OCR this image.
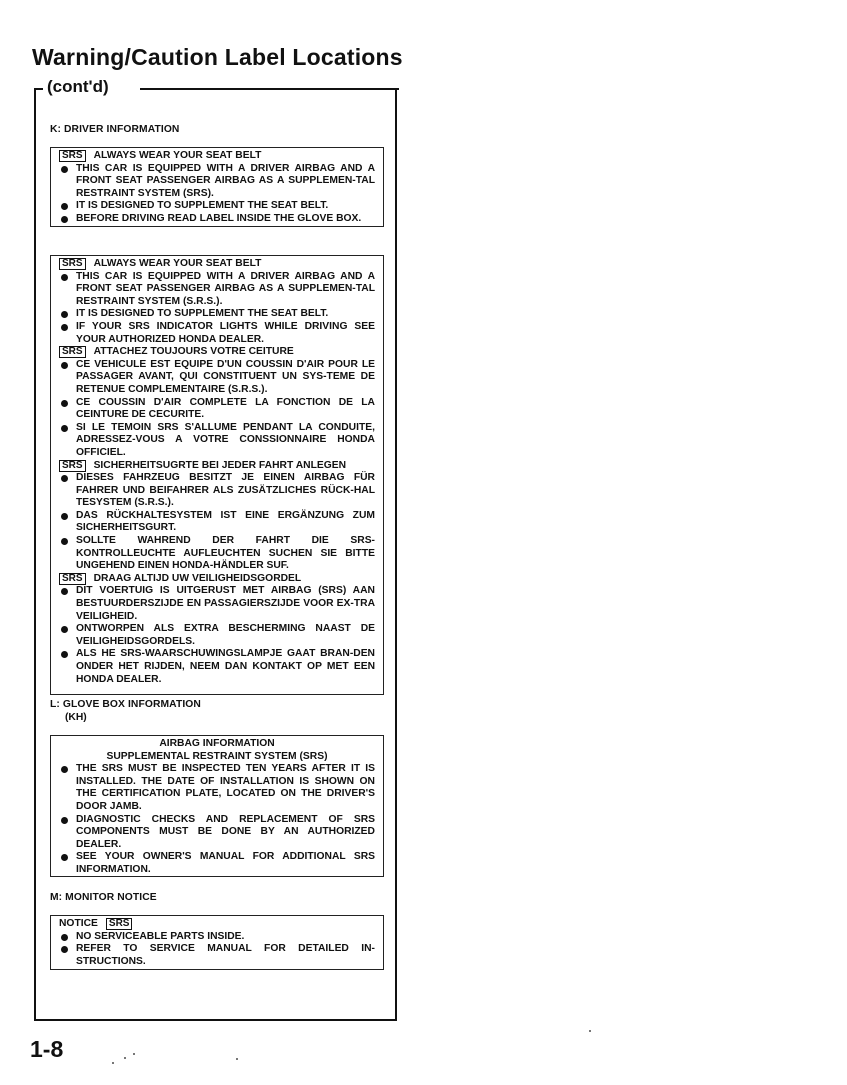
Warning/Caution Label Locations
(cont'd)
K: DRIVER INFORMATION
SRS ALWAYS WEAR YOUR SEAT BELT
THIS CAR IS EQUIPPED WITH A DRIVER AIRBAG AND A FRONT SEAT PASSENGER AIRBAG AS A SUPPLEMEN-TAL RESTRAINT SYSTEM (SRS).
IT IS DESIGNED TO SUPPLEMENT THE SEAT BELT.
BEFORE DRIVING READ LABEL INSIDE THE GLOVE BOX.
SRS ALWAYS WEAR YOUR SEAT BELT
THIS CAR IS EQUIPPED WITH A DRIVER AIRBAG AND A FRONT SEAT PASSENGER AIRBAG AS A SUPPLEMEN-TAL RESTRAINT SYSTEM (S.R.S.).
IT IS DESIGNED TO SUPPLEMENT THE SEAT BELT.
IF YOUR SRS INDICATOR LIGHTS WHILE DRIVING SEE YOUR AUTHORIZED HONDA DEALER.
SRS ATTACHEZ TOUJOURS VOTRE CEITURE
CE VEHICULE EST EQUIPE D'UN COUSSIN D'AIR POUR LE PASSAGER AVANT, QUI CONSTITUENT UN SYS-TEME DE RETENUE COMPLEMENTAIRE (S.R.S.).
CE COUSSIN D'AIR COMPLETE LA FONCTION DE LA CEINTURE DE CECURITE.
SI LE TEMOIN SRS S'ALLUME PENDANT LA CONDUITE, ADRESSEZ-VOUS A VOTRE CONSSIONNAIRE HONDA OFFICIEL.
SRS SICHERHEITSUGRTE BEI JEDER FAHRT ANLEGEN
DIESES FAHRZEUG BESITZT JE EINEN AIRBAG FÜR FAHRER UND BEIFAHRER ALS ZUSÄTZLICHES RÜCK-HAL TESYSTEM (S.R.S.).
DAS RÜCKHALTESYSTEM IST EINE ERGÄNZUNG ZUM SICHERHEITSGURT.
SOLLTE WAHREND DER FAHRT DIE SRS-KONTROLLEUCHTE AUFLEUCHTEN SUCHEN SIE BITTE UNGEHEND EINEN HONDA-HÄNDLER SUF.
SRS DRAAG ALTIJD UW VEILIGHEIDSGORDEL
DIT VOERTUIG IS UITGERUST MET AIRBAG (SRS) AAN BESTUURDERSZIJDE EN PASSAGIERSZIJDE VOOR EX-TRA VEILIGHEID.
ONTWORPEN ALS EXTRA BESCHERMING NAAST DE VEILIGHEIDSGORDELS.
ALS HE SRS-WAARSCHUWINGSLAMPJE GAAT BRAN-DEN ONDER HET RIJDEN, NEEM DAN KONTAKT OP MET EEN HONDA DEALER.
L: GLOVE BOX INFORMATION
(KH)
AIRBAG INFORMATION
SUPPLEMENTAL RESTRAINT SYSTEM (SRS)
THE SRS MUST BE INSPECTED TEN YEARS AFTER IT IS INSTALLED. THE DATE OF INSTALLATION IS SHOWN ON THE CERTIFICATION PLATE, LOCATED ON THE DRIVER'S DOOR JAMB.
DIAGNOSTIC CHECKS AND REPLACEMENT OF SRS COMPONENTS MUST BE DONE BY AN AUTHORIZED DEALER.
SEE YOUR OWNER'S MANUAL FOR ADDITIONAL SRS INFORMATION.
M: MONITOR NOTICE
NOTICE SRS
NO SERVICEABLE PARTS INSIDE.
REFER TO SERVICE MANUAL FOR DETAILED IN-STRUCTIONS.
1-8
